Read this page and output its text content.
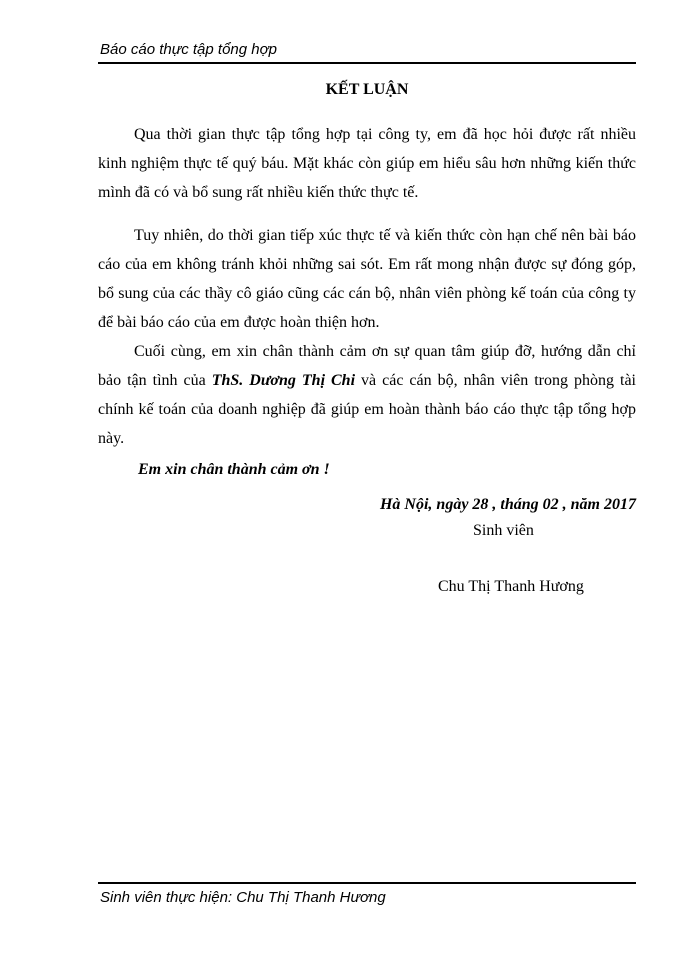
Báo cáo thực tập tổng hợp
KẾT LUẬN

Qua thời gian thực tập tổng hợp tại công ty, em đã học hỏi được rất nhiều kinh nghiệm thực tế quý báu. Mặt khác còn giúp em hiểu sâu hơn những kiến thức mình đã có và bổ sung rất nhiều kiến thức thực tế.

Tuy nhiên, do thời gian tiếp xúc thực tế và kiến thức còn hạn chế nên bài báo cáo của em không tránh khỏi những sai sót. Em rất mong nhận được sự đóng góp, bổ sung của các thầy cô giáo cũng các cán bộ, nhân viên phòng kế toán của công ty để bài báo cáo của em được hoàn thiện hơn.

Cuối cùng, em xin chân thành cảm ơn sự quan tâm giúp đỡ, hướng dẫn chỉ bảo tận tình của ThS. Dương Thị Chi và các cán bộ, nhân viên trong phòng tài chính kế toán của doanh nghiệp đã giúp em hoàn thành báo cáo thực tập tổng hợp này.

Em xin chân thành cảm ơn !

Hà Nội, ngày 28 , tháng 02 , năm 2017
Sinh viên
Chu Thị Thanh Hương
Sinh viên thực hiện: Chu Thị Thanh Hương
